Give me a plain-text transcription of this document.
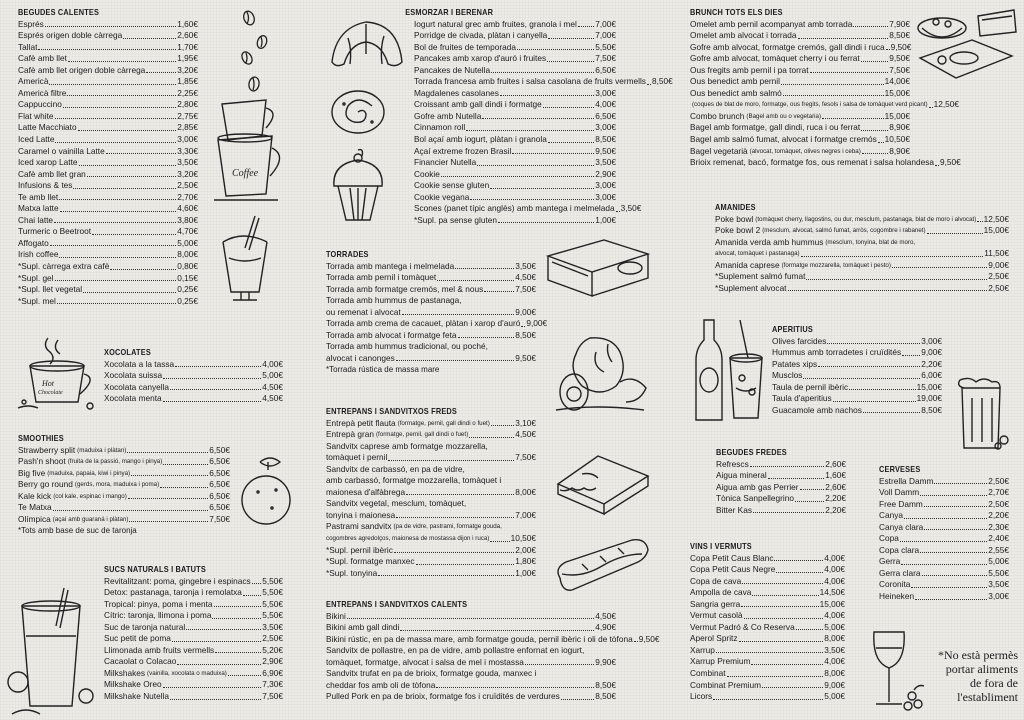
BEGUDES CALENTES
Esprés	1,60€
Esprés origen doble càrrega	2,60€
Tallat	1,70€
Cafè amb llet	1,95€
Cafè amb llet origen doble càrrega	3,20€
Americà	1,85€
Americà filtre	2,25€
Cappuccino	2,80€
Flat white	2,75€
Latte Macchiato	2,85€
Iced Latte	3,00€
Caramel o vainilla Latte	3,30€
Iced xarop Latte	3,50€
Cafè amb llet gran	3,20€
Infusions & tes	2,50€
Te amb llet	2,70€
Matxa latte	4,60€
Chai latte	3,80€
Turmeric o Beetroot	4,70€
Affogato	5,00€
Irish coffee	8,00€
*Supl. càrrega extra cafè	0,80€
*Supl. gel	0,15€
*Supl. llet vegetal	0,25€
*Supl. mel	0,25€
XOCOLATES
Xocolata a la tassa	4,00€
Xocolata suissa	5,00€
Xocolata canyella	4,50€
Xocolata menta	4,50€
SMOOTHIES
Strawberry split (maduixa i plàtan)	6,50€
Pash'n shoot (fruita de la passió, mango i pinya)	6,50€
Big five (maduixa, papaia, kiwi i pinya)	6,50€
Berry go round (gerds, mora, maduixa i poma)	6,50€
Kale kick (col kale, espinac i mango)	6,50€
Te Matxa	6,50€
Olímpica (açaí amb guaraná i plàtan)	7,50€
*Tots amb base de suc de taronja
SUCS NATURALS I BATUTS
Revitalitzant: poma, gingebre i espinacs 5,50€
Detox: pastanaga, taronja i remolatxa 5,50€
Tropical: pinya, poma i menta	5,50€
Cítric: taronja, llimona i poma	5,50€
Suc de taronja natural	3,50€
Suc petit de poma	2,50€
Llimonada amb fruits vermells	5,20€
Cacaolat o Colacao	2,90€
Milkshakes (vainilla, xocolata o maduixa)	6,90€
Milkshake Oreo	7,30€
Milkshake Nutella	7,50€
ESMORZAR I BERENAR
Iogurt natural grec amb fruites, granola i mel 7,00€
Porridge de civada, plàtan i canyella	7,00€
Bol de fruites de temporada	5,50€
Pancakes amb xarop d'auró i fruites	7,50€
Pancakes de Nutella	6,50€
Torrada francesa amb fruites i salsa casolana de fruits vermells 8,50€
Magdalenes casolanes	3,00€
Croissant amb gall dindi i formatge	4,00€
Gofre amb Nutella	6,50€
Cinnamon roll	3,00€
Bol açaí amb iogurt, plàtan i granola	8,50€
Açaí extreme frozen Brasil	9,50€
Financier Nutella	3,50€
Cookie	2,90€
Cookie sense gluten	3,00€
Cookie vegana	3,00€
Scones (panet típic anglès) amb mantega i melmelada 3,50€
*Supl. pa sense gluten	1,00€
TORRADES
Torrada amb mantega i melmelada	3,50€
Torrada amb pernil i tomàquet	4,50€
Torrada amb formatge cremós, mel & nous	7,50€
Torrada amb hummus de pastanaga,
ou remenat i alvocat	9,00€
Torrada amb crema de cacauet, plàtan i xarop d'auró 9,00€
Torrada amb alvocat i formatge feta	8,50€
Torrada amb hummus tradicional, ou poché,
alvocat i canonges	9,50€
*Torrada rústica de massa mare
ENTREPANS I SANDVITXOS FREDS
Entrepà petit flauta (formatge, pernil, gall dindi o fuet)	3,10€
Entrepà gran (formatge, pernil, gall dindi o fuet)	4,50€
Sandvitx caprese amb formatge mozzarella,
tomàquet i pernil	7,50€
Sandvitx de carbassó, en pa de vidre,
amb carbassó, formatge mozzarella, tomàquet i
maionesa d'alfàbrega	8,00€
Sandvitx vegetal, mesclum, tomàquet,
tonyina i maionesa	7,00€
Pastrami sandvitx (pa de vidre, pastrami, formatge gouda,
cogombres agredolços, maionesa de mostassa dijon i ruca)	10,50€
*Supl. pernil ibèric	2,00€
*Supl. formatge manxec	1,80€
*Supl. tonyina	1,00€
ENTREPANS I SANDVITXOS CALENTS
Bikini	4,50€
Bikini amb gall dindi	4,90€
Bikini rústic, en pa de massa mare, amb formatge gouda, pernil ibèric i oli de tòfona 9,50€
Sandvitx de pollastre, en pa de vidre, amb pollastre enfornat en iogurt,
tomàquet, formatge, alvocat i salsa de mel i mostassa	9,90€
Sandvitx trufat en pa de brioix, formatge gouda, manxec i
cheddar fos amb oli de tòfona	8,50€
Pulled Pork en pa de brioix, formatge fos i cruïdités de verdures	8,50€
BRUNCH TOTS ELS DIES
Omelet amb pernil acompanyat amb torrada	7,90€
Omelet amb alvocat i torrada	8,50€
Gofre amb alvocat, formatge cremós, gall dindi i ruca 9,50€
Gofre amb alvocat, tomàquet cherry i ou ferrat	9,50€
Ous fregits amb pernil i pa torrat	7,50€
Ous benedict amb pernil	14,00€
Ous benedict amb salmó	15,00€
(coques de blat de moro, formatge, ous fregits, fesols i salsa de tomàquet verd picant) 12,50€
Combo brunch (Bagel amb ou o vegetaria)	15,00€
Bagel amb formatge, gall dindi, ruca i ou ferrat	8,90€
Bagel amb salmó fumat, alvocat i formatge cremós 10,50€
Bagel vegetarià (alvocat, tomàquet, olives negres i ceba)	8,90€
Brioix remenat, bacó, formatge fos, ous remenat i salsa holandesa 9,50€
AMANIDES
Poke bowl (tomàquet cherry, llagostins, ou dur, mesclum, pastanaga, blat de moro i alvocat) 12,50€
Poke bowl 2 (mesclum, alvocat, salmó fumat, arròs, cogombre i rabanet)	15,00€
Amanida verda amb hummus (mesclum, tonyina, blat de moro,
alvocat, tomàquet i pastanaga)	11,50€
Amanida caprese (formatge mozzarella, tomàquet i pesto)	9,00€
*Suplement salmó fumat	2,50€
*Suplement alvocat	2,50€
APERITIUS
Olives farcides	3,00€
Hummus amb torradetes i cruïdités 9,00€
Patates xips	2,20€
Musclos	6,00€
Taula de pernil ibèric	15,00€
Taula d'aperitius	19,00€
Guacamole amb nachos	8,50€
BEGUDES FREDES
Refrescs	2,60€
Aigua mineral	1,60€
Aigua amb gas Perrier	2,60€
Tònica Sanpellegrino	2,20€
Bitter Kas	2,20€
CERVESES
Estrella Damm	2,50€
Voll Damm	2,70€
Free Damm	2,50€
Canya	2,20€
Canya clara	2,30€
Copa	2,40€
Copa clara	2,55€
Gerra	5,00€
Gerra clara	5,50€
Coronita	3,50€
Heineken	3,00€
VINS I VERMUTS
Copa Petit Caus Blanc	4,00€
Copa Petit Caus Negre	4,00€
Copa de cava	4,00€
Ampolla de cava	14,50€
Sangria gerra	15,00€
Vermut casolà	4,00€
Vermut Padró & Co Reserva	5,00€
Aperol Spritz	8,00€
Xarrup	3,50€
Xarrup Premium	4,00€
Combinat	8,00€
Combinat Premium	9,00€
Licors	5,00€
*No està permès
portar aliments
de fora de
l'establiment
Coffee
Hot
Chocolate
